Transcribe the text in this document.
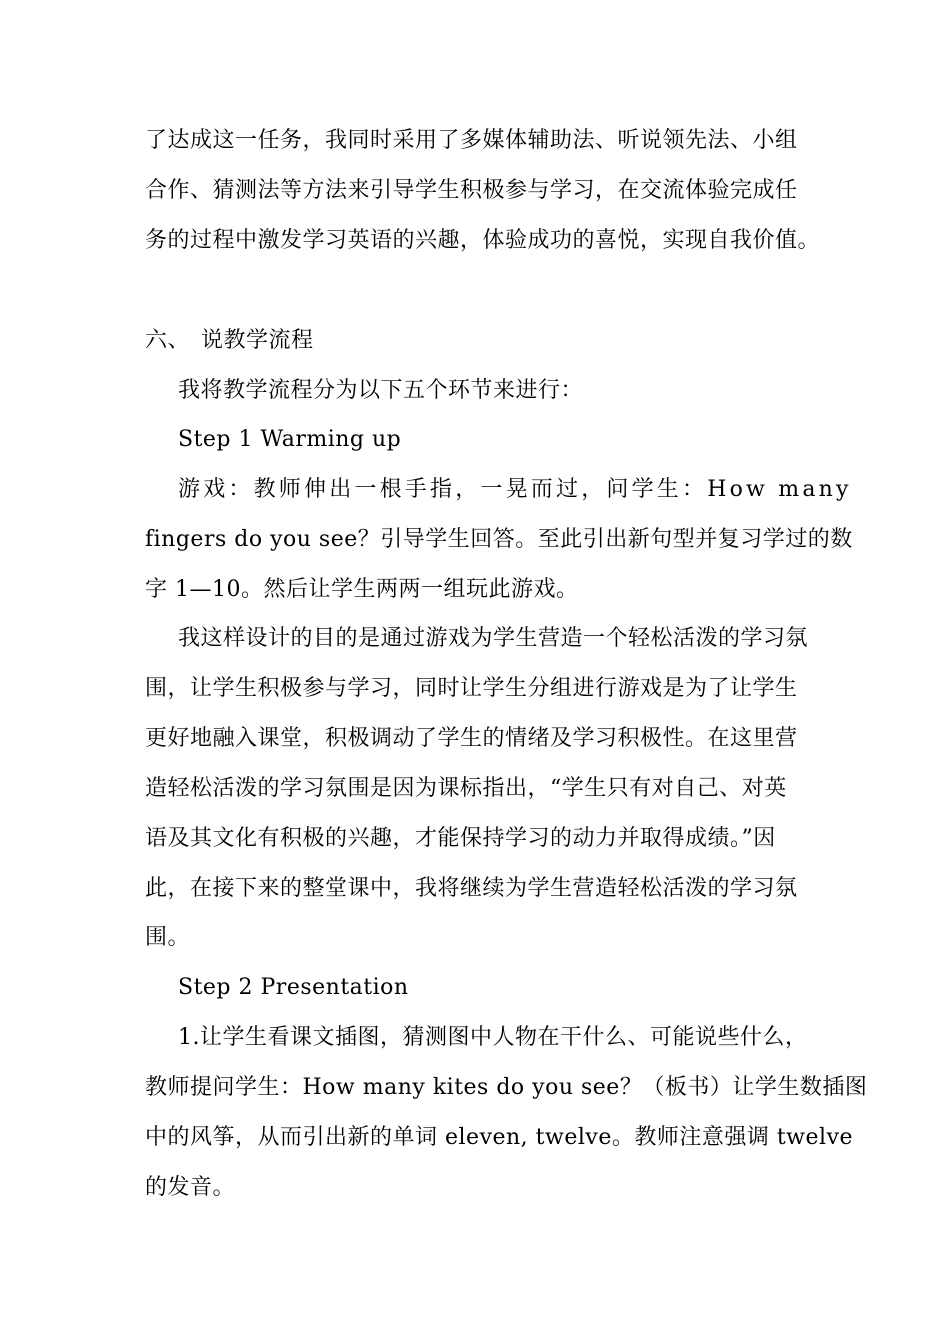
了达成这一任务，我同时采用了多媒体辅助法、听说领先法、小组
合作、猜测法等方法来引导学生积极参与学习，在交流体验完成任
务的过程中激发学习英语的兴趣，体验成功的喜悦，实现自我价值。
六、 说教学流程
我将教学流程分为以下五个环节来进行：
Step 1 Warming up
游戏：教师伸出一根手指，一晃而过，问学生：How many
fingers do you see？引导学生回答。至此引出新句型并复习学过的数
字 1—10。然后让学生两两一组玩此游戏。
我这样设计的目的是通过游戏为学生营造一个轻松活泼的学习氛
围，让学生积极参与学习，同时让学生分组进行游戏是为了让学生
更好地融入课堂，积极调动了学生的情绪及学习积极性。在这里营
造轻松活泼的学习氛围是因为课标指出，“学生只有对自己、对英
语及其文化有积极的兴趣，才能保持学习的动力并取得成绩。”因
此，在接下来的整堂课中，我将继续为学生营造轻松活泼的学习氛
围。
Step 2 Presentation
1.让学生看课文插图，猜测图中人物在干什么、可能说些什么，
教师提问学生：How many kites do you see？（板书）让学生数插图
中的风筝，从而引出新的单词 eleven, twelve。教师注意强调 twelve
的发音。
